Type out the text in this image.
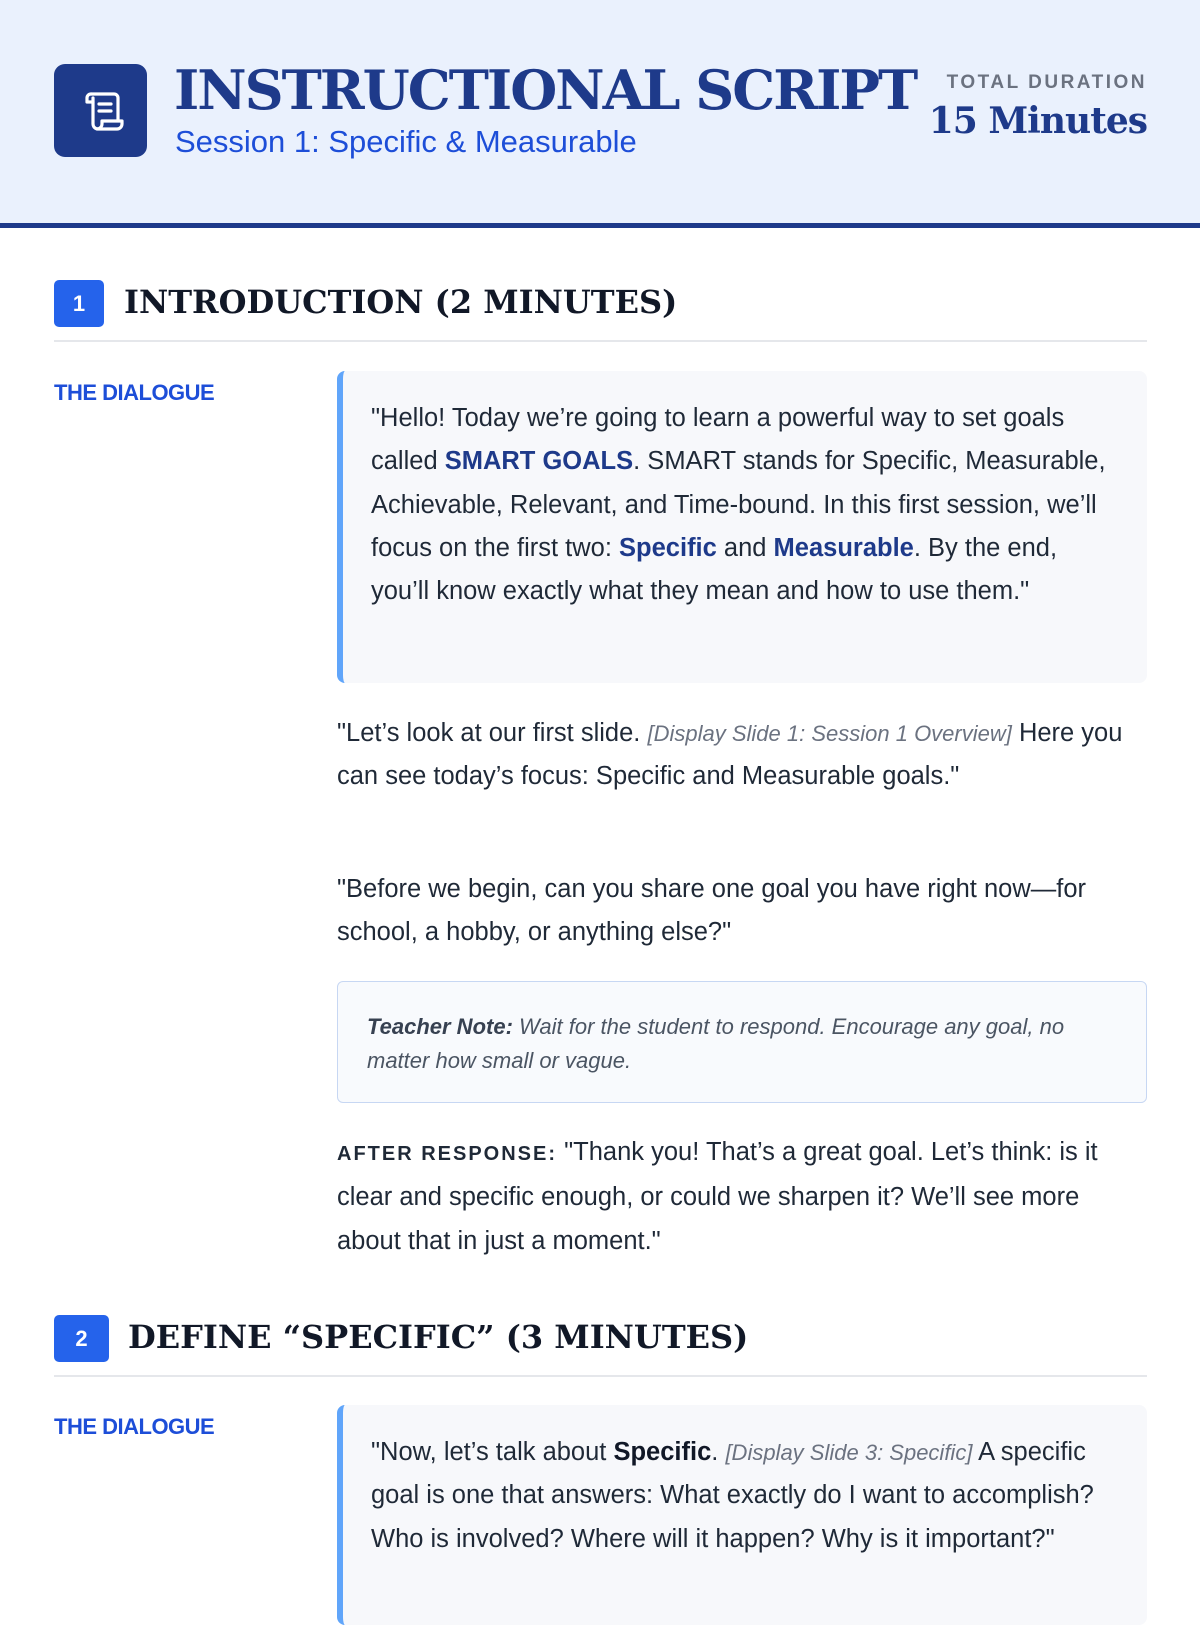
INSTRUCTIONAL SCRIPT
Session 1: Specific & Measurable
TOTAL DURATION
15 Minutes
1	INTRODUCTION (2 MINUTES)
THE DIALOGUE
"Hello! Today we’re going to learn a powerful way to set goals called SMART GOALS. SMART stands for Specific, Measurable, Achievable, Relevant, and Time-bound. In this first session, we’ll focus on the first two: Specific and Measurable. By the end, you’ll know exactly what they mean and how to use them."
"Let’s look at our first slide. [Display Slide 1: Session 1 Overview] Here you can see today’s focus: Specific and Measurable goals."
"Before we begin, can you share one goal you have right now—for school, a hobby, or anything else?"
Teacher Note: Wait for the student to respond. Encourage any goal, no matter how small or vague.
AFTER RESPONSE: "Thank you! That’s a great goal. Let’s think: is it clear and specific enough, or could we sharpen it? We’ll see more about that in just a moment."
2	DEFINE “SPECIFIC” (3 MINUTES)
THE DIALOGUE
"Now, let’s talk about Specific. [Display Slide 3: Specific] A specific goal is one that answers: What exactly do I want to accomplish? Who is involved? Where will it happen? Why is it important?"
